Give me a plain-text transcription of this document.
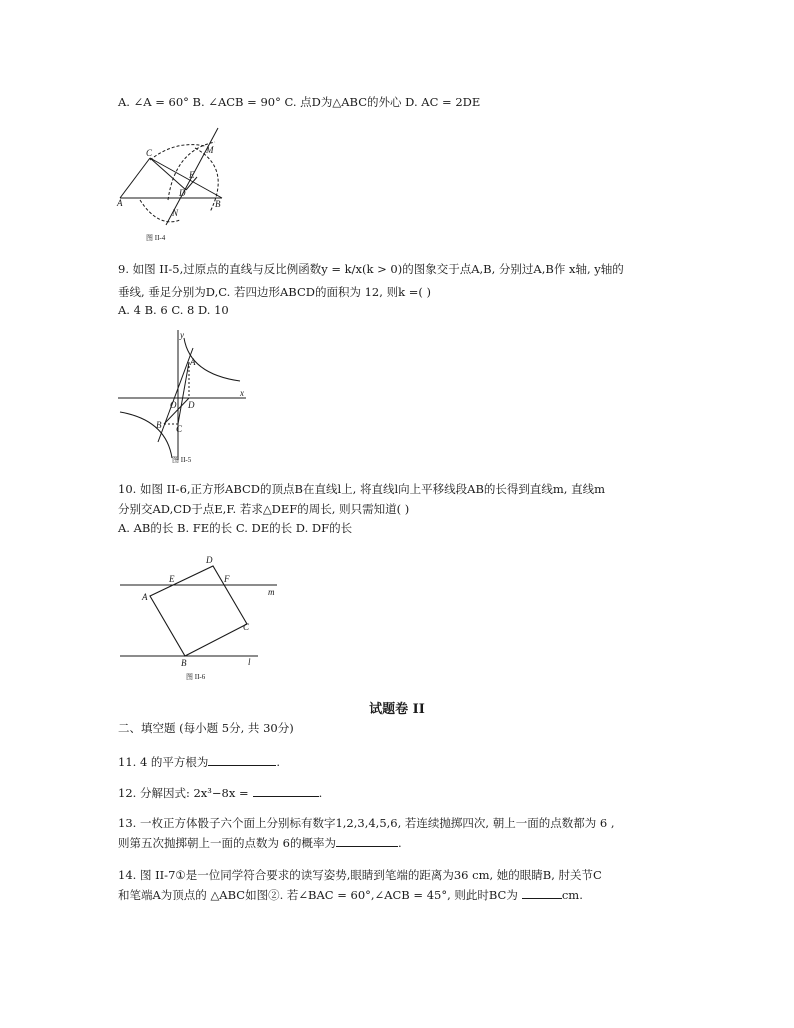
A. ∠A = 60° B. ∠ACB = 90° C. 点D为△ABC的外心 D. AC = 2DE
A	B
C
D
E
M
N
图 II-4
9. 如图 II-5,过原点的直线与反比例函数y = k/x(k > 0)的图象交于点A,B, 分别过A,B作 x轴, y轴的
垂线, 垂足分别为D,C. 若四边形ABCD的面积为 12, 则k =( )
A. 4 B. 6 C. 8 D. 10
y
x
O
A
B C
D
图 II-5
10. 如图 II-6,正方形ABCD的顶点B在直线l上, 将直线l向上平移线段AB的长得到直线m, 直线m
分别交AD,CD于点E,F. 若求△DEF的周长, 则只需知道( )
A. AB的长 B. FE的长 C. DE的长 D. DF的长
A
B
C
D
E	F
m
l
图 II-6
试题卷 II
二、填空题 (每小题 5分, 共 30分)
11. 4 的平方根为	.
12. 分解因式: 2x³−8x =	.
13. 一枚正方体骰子六个面上分别标有数字1,2,3,4,5,6, 若连续抛掷四次, 朝上一面的点数都为 6 ,
则第五次抛掷朝上一面的点数为 6的概率为	.
14. 图 II-7①是一位同学符合要求的读写姿势,眼睛到笔端的距离为36 cm, 她的眼睛B, 肘关节C
和笔端A为顶点的 △ABC如图②. 若∠BAC = 60°,∠ACB = 45°, 则此时BC为	cm.
